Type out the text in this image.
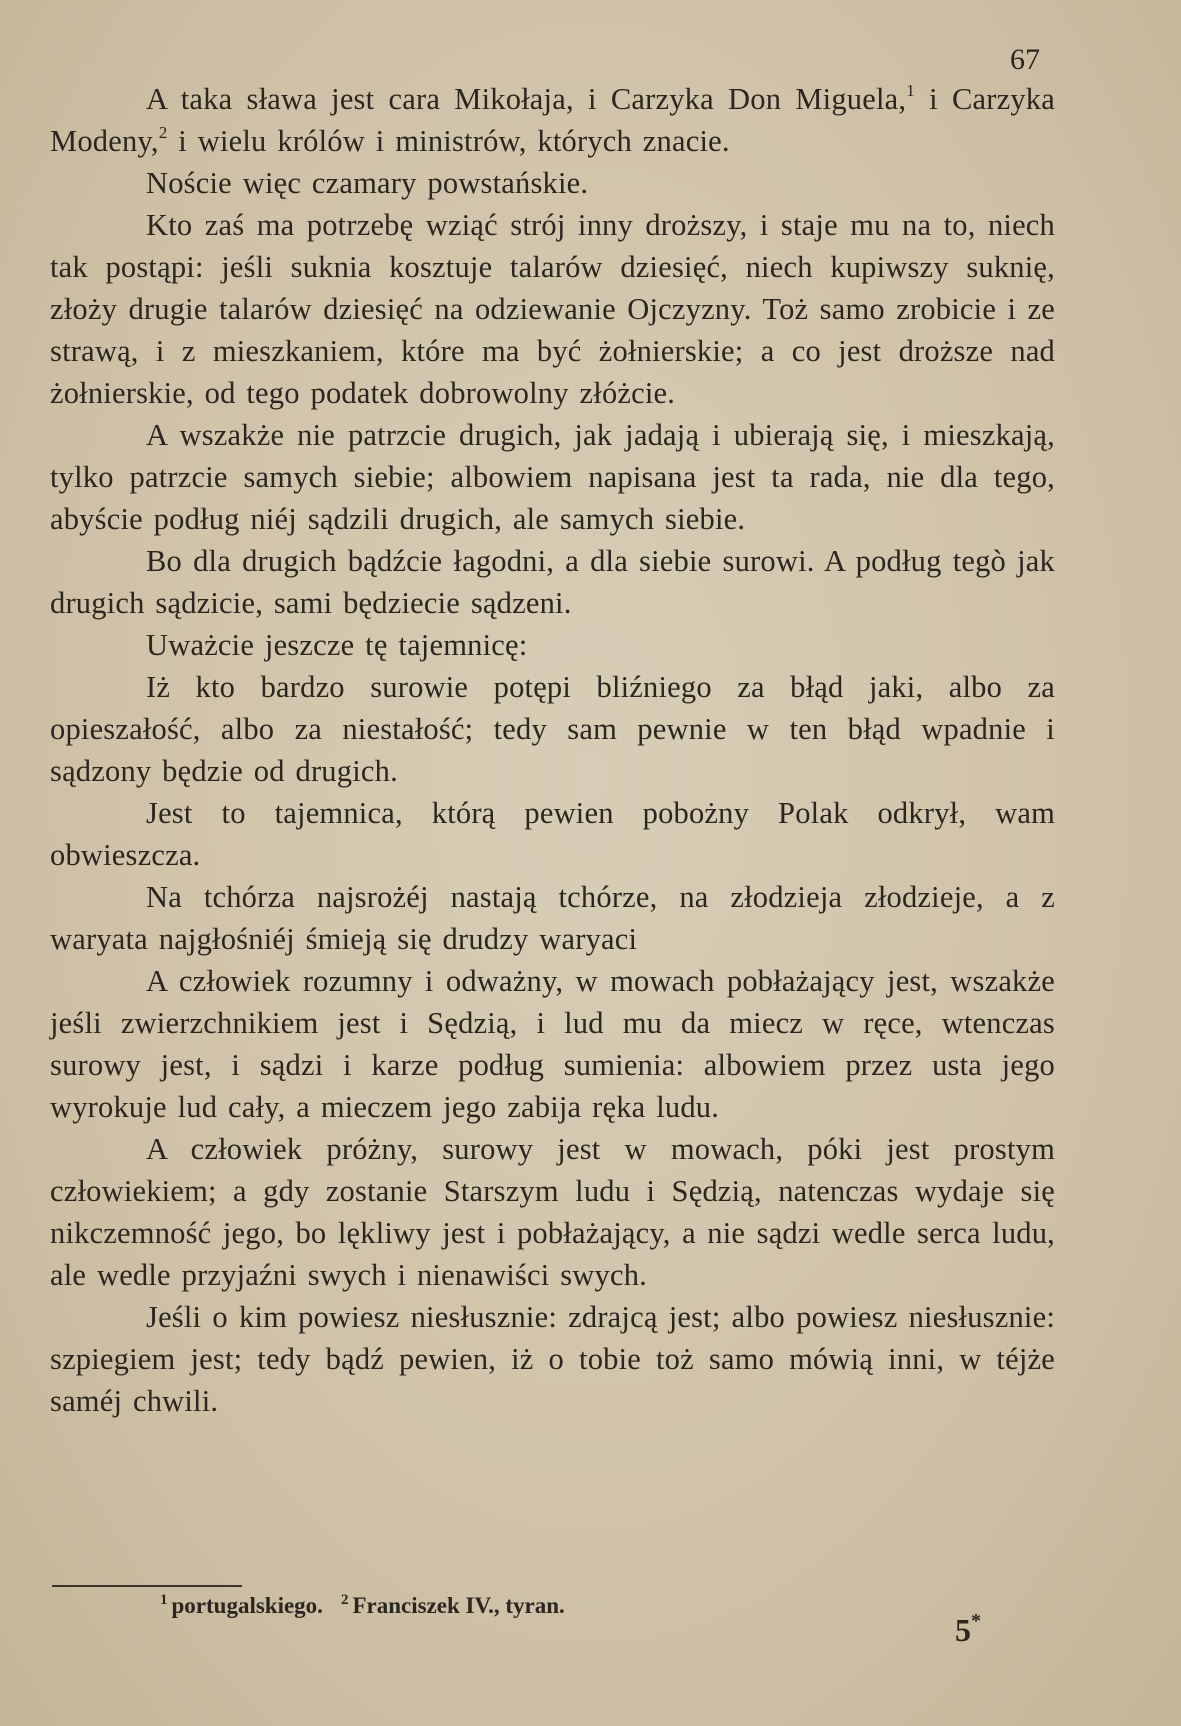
67

A taka sława jest cara Mikołaja, i Carzyka Don Miguela,$^1$ i Carzyka Modeny,$^2$ i wielu królów i ministrów, których znacie.

Noście więc czamary powstańskie.

Kto zaś ma potrzebę wziąć strój inny droższy, i staje mu na to, niech tak postąpi: jeśli suknia kosztuje talarów dziesięć, niech kupiwszy suknię, złoży drugie talarów dziesięć na odziewanie Ojczyzny. Toż samo zrobicie i ze strawą, i z mieszkaniem, które ma być żołnierskie; a co jest droższe nad żołnierskie, od tego podatek dobrowolny złóżcie.

A wszakże nie patrzcie drugich, jak jadają i ubierają się, i mieszkają, tylko patrzcie samych siebie; albowiem napisana jest ta rada, nie dla tego, abyście podług niéj sądzili drugich, ale samych siebie.

Bo dla drugich bądźcie łagodni, a dla siebie surowi. A podług tegò jak drugich sądzicie, sami będziecie sądzeni.

Uważcie jeszcze tę tajemnicę:

Iż kto bardzo surowie potępi bliźniego za błąd jaki, albo za opieszałość, albo za niestałość; tedy sam pewnie w ten błąd wpadnie i sądzony będzie od drugich.

Jest to tajemnica, którą pewien pobożny Polak odkrył, wam obwieszcza.

Na tchórza najsrożéj nastają tchórze, na złodzieja złodzieje, a z waryata najgłośniéj śmieją się drudzy waryaci

A człowiek rozumny i odważny, w mowach pobłażający jest, wszakże jeśli zwierzchnikiem jest i Sędzią, i lud mu da miecz w ręce, wtenczas surowy jest, i sądzi i karze podług sumienia: albowiem przez usta jego wyrokuje lud cały, a mieczem jego zabija ręka ludu.

A człowiek próżny, surowy jest w mowach, póki jest prostym człowiekiem; a gdy zostanie Starszym ludu i Sędzią, natenczas wydaje się nikczemność jego, bo lękliwy jest i pobłażający, a nie sądzi wedle serca ludu, ale wedle przyjaźni swych i nienawiści swych.

Jeśli o kim powiesz niesłusznie: zdrajcą jest; albo powiesz niesłusznie: szpiegiem jest; tedy bądź pewien, iż o tobie toż samo mówią inni, w téjże saméj chwili.

$^1$ portugalskiego. $^2$ Franciszek IV., tyran.
5*
